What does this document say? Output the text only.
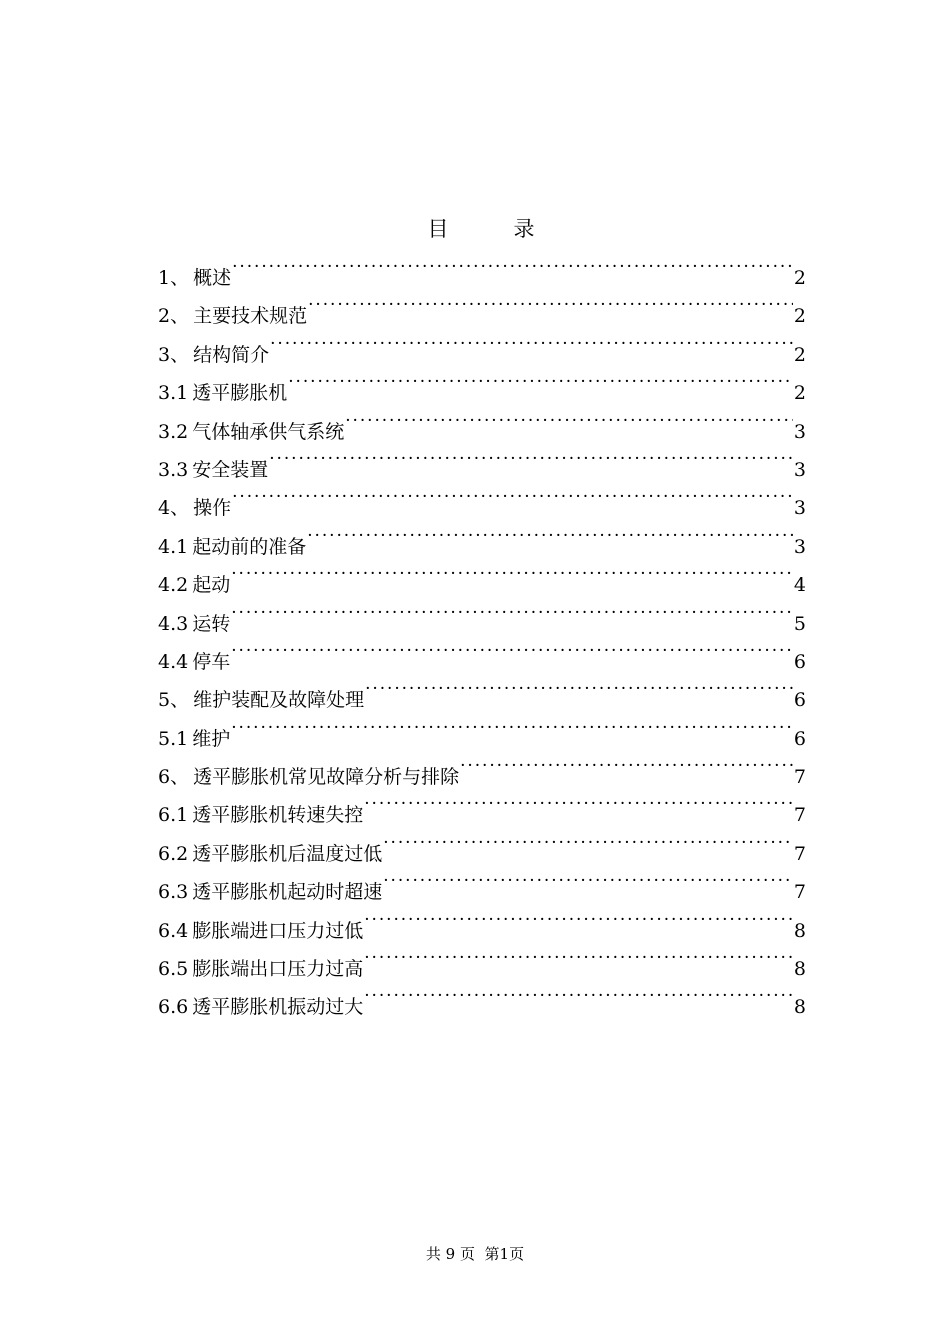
目　录
1、 概述 ·····	2
2、 主要技术规范 ·····	2
3、 结构简介 ·····	2
3.1 透平膨胀机 ·····	2
3.2 气体轴承供气系统 ·····	3
3.3 安全装置 ·····	3
4、 操作 ·····	3
4.1 起动前的准备 ·····	3
4.2 起动 ·····	4
4.3 运转 ·····	5
4.4 停车 ·····	6
5、 维护装配及故障处理 ·····	6
5.1 维护 ·····	6
6、 透平膨胀机常见故障分析与排除 ·····	7
6.1 透平膨胀机转速失控 ·····	7
6.2 透平膨胀机后温度过低 ·····	7
6.3 透平膨胀机起动时超速 ·····	7
6.4 膨胀端进口压力过低 ·····	8
6.5 膨胀端出口压力过高 ·····	8
6.6 透平膨胀机振动过大 ·····	8
共 9 页 第1页
